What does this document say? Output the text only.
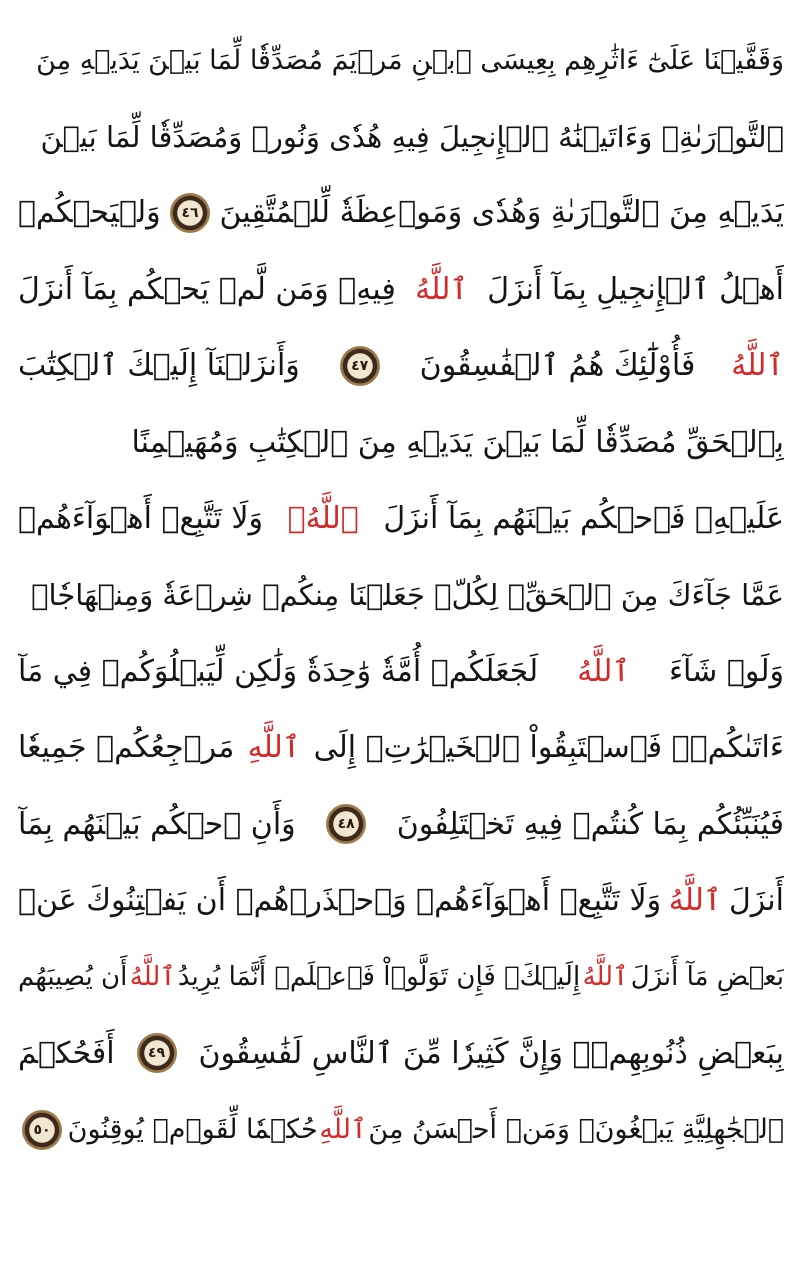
وَقَفَّيۡنَا عَلَىٰٓ ءَاثَٰرِهِم بِعِيسَى ٱبۡنِ مَرۡيَمَ مُصَدِّقٗا لِّمَا بَيۡنَ يَدَيۡهِ مِنَ
ٱلتَّوۡرَىٰةِۖ وَءَاتَيۡنَٰهُ ٱلۡإِنجِيلَ فِيهِ هُدٗى وَنُورٞ وَمُصَدِّقٗا لِّمَا بَيۡنَ
يَدَيۡهِ مِنَ ٱلتَّوۡرَىٰةِ وَهُدٗى وَمَوۡعِظَةٗ لِّلۡمُتَّقِينَ
٤٦
وَلۡيَحۡكُمۡ
أَهۡلُ ٱلۡإِنجِيلِ بِمَآ أَنزَلَ
ٱللَّهُ
فِيهِۚ وَمَن لَّمۡ يَحۡكُم بِمَآ أَنزَلَ
ٱللَّهُ
فَأُوْلَٰٓئِكَ هُمُ ٱلۡفَٰسِقُونَ
٤٧
وَأَنزَلۡنَآ إِلَيۡكَ ٱلۡكِتَٰبَ
بِٱلۡحَقِّ مُصَدِّقٗا لِّمَا بَيۡنَ يَدَيۡهِ مِنَ ٱلۡكِتَٰبِ وَمُهَيۡمِنًا
عَلَيۡهِۖ فَٱحۡكُم بَيۡنَهُم بِمَآ أَنزَلَ
ٱللَّهُۖ
وَلَا تَتَّبِعۡ أَهۡوَآءَهُمۡ
عَمَّا جَآءَكَ مِنَ ٱلۡحَقِّۚ لِكُلّٖ جَعَلۡنَا مِنكُمۡ شِرۡعَةٗ وَمِنۡهَاجٗاۚ
وَلَوۡ شَآءَ
ٱللَّهُ
لَجَعَلَكُمۡ أُمَّةٗ وَٰحِدَةٗ وَلَٰكِن لِّيَبۡلُوَكُمۡ فِي مَآ
ءَاتَىٰكُمۡۖ فَٱسۡتَبِقُواْ ٱلۡخَيۡرَٰتِۚ إِلَى
ٱللَّهِ
مَرۡجِعُكُمۡ جَمِيعٗا
فَيُنَبِّئُكُم بِمَا كُنتُمۡ فِيهِ تَخۡتَلِفُونَ
٤٨
وَأَنِ ٱحۡكُم بَيۡنَهُم بِمَآ
أَنزَلَ
ٱللَّهُ
وَلَا تَتَّبِعۡ أَهۡوَآءَهُمۡ وَٱحۡذَرۡهُمۡ أَن يَفۡتِنُوكَ عَنۢ
بَعۡضِ مَآ أَنزَلَ
ٱللَّهُ
إِلَيۡكَۖ فَإِن تَوَلَّوۡاْ فَٱعۡلَمۡ أَنَّمَا يُرِيدُ
ٱللَّهُ
أَن يُصِيبَهُم
بِبَعۡضِ ذُنُوبِهِمۡۗ وَإِنَّ كَثِيرٗا مِّنَ ٱلنَّاسِ لَفَٰسِقُونَ
٤٩
أَفَحُكۡمَ
ٱلۡجَٰهِلِيَّةِ يَبۡغُونَۚ وَمَنۡ أَحۡسَنُ مِنَ
ٱللَّهِ
حُكۡمٗا لِّقَوۡمٖ يُوقِنُونَ
٥٠
